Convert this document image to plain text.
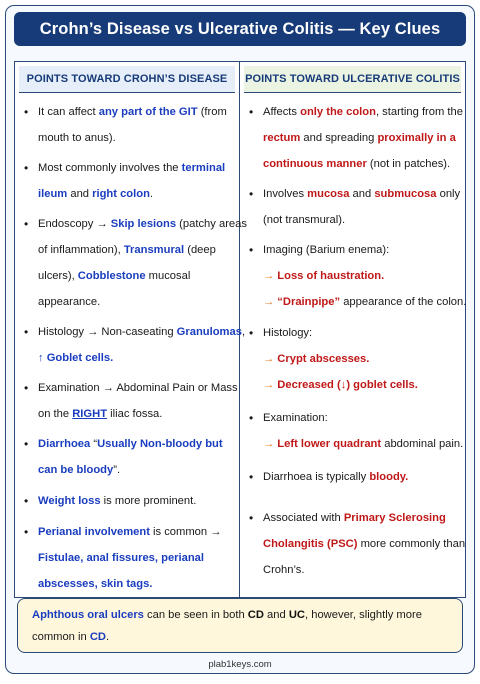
Crohn’s Disease vs Ulcerative Colitis — Key Clues
POINTS TOWARD CROHN’S DISEASE
• It can affect any part of the GIT (from
mouth to anus).
• Most commonly involves the terminal
ileum and right colon.
• Endoscopy → Skip lesions (patchy areas
of inflammation), Transmural (deep
ulcers), Cobblestone mucosal
appearance.
• Histology → Non-caseating Granulomas,
↑ Goblet cells.
• Examination → Abdominal Pain or Mass
on the RIGHT iliac fossa.
• Diarrhoea “Usually Non-bloody but
can be bloody”.
• Weight loss is more prominent.
• Perianal involvement is common →
Fistulae, anal fissures, perianal
abscesses, skin tags.
POINTS TOWARD ULCERATIVE COLITIS
• Affects only the colon, starting from the
rectum and spreading proximally in a
continuous manner (not in patches).
• Involves mucosa and submucosa only
(not transmural).
• Imaging (Barium enema):
→ Loss of haustration.
→ “Drainpipe” appearance of the colon.
• Histology:
→ Crypt abscesses.
→ Decreased (↓) goblet cells.
• Examination:
→ Left lower quadrant abdominal pain.
• Diarrhoea is typically bloody.
• Associated with Primary Sclerosing
Cholangitis (PSC) more commonly than
Crohn’s.
Aphthous oral ulcers can be seen in both CD and UC, however, slightly more
common in CD.
plab1keys.com
